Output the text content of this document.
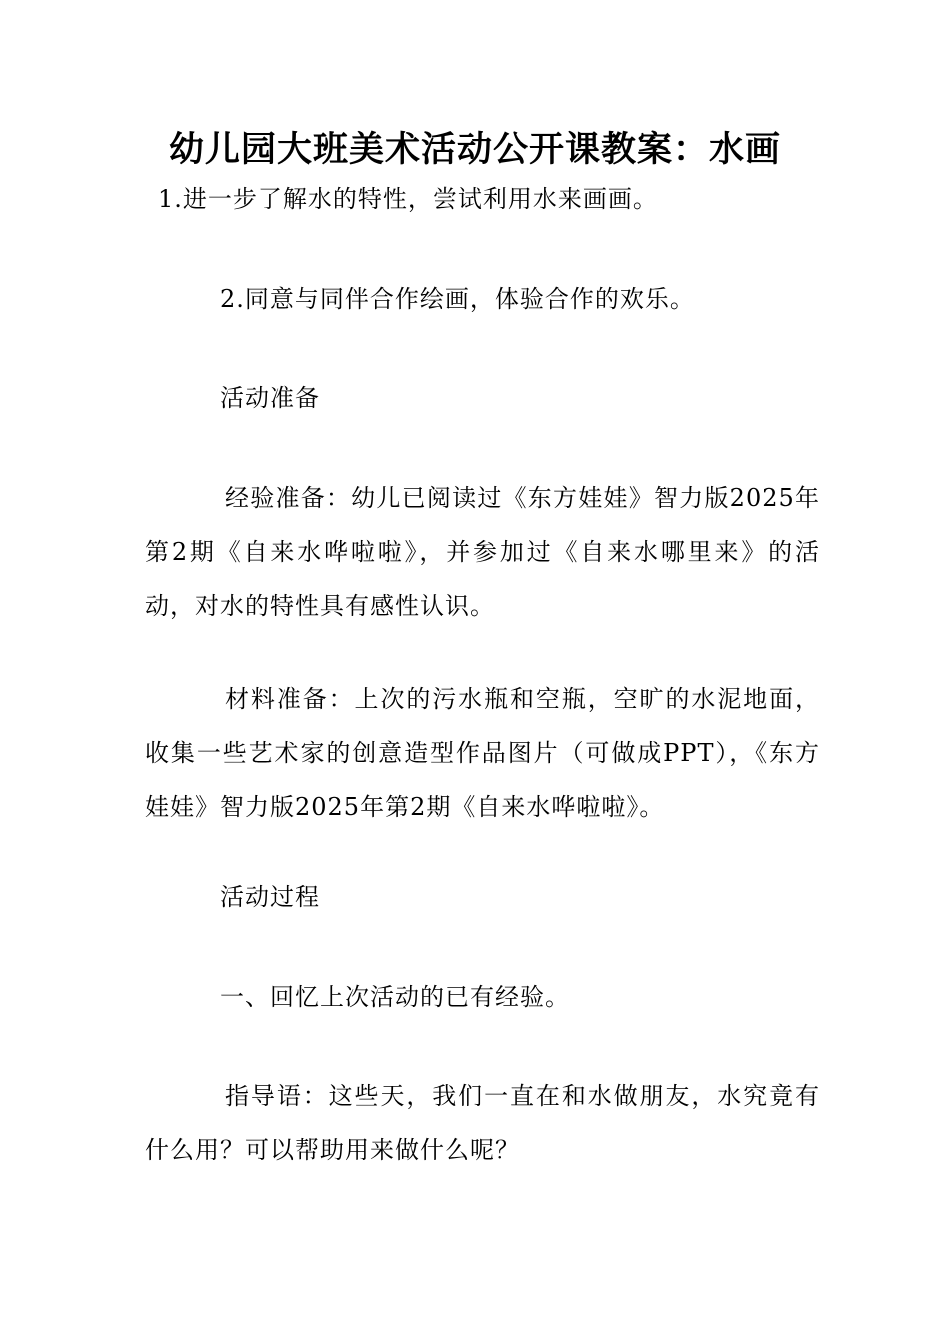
幼儿园大班美术活动公开课教案：水画

1.进一步了解水的特性，尝试利用水来画画。

2.同意与同伴合作绘画，体验合作的欢乐。

活动准备

经验准备：幼儿已阅读过《东方娃娃》智力版2025年第2期《自来水哗啦啦》，并参加过《自来水哪里来》的活动，对水的特性具有感性认识。

材料准备：上次的污水瓶和空瓶，空旷的水泥地面，收集一些艺术家的创意造型作品图片（可做成PPT），《东方娃娃》智力版2025年第2期《自来水哗啦啦》。

活动过程

一、回忆上次活动的已有经验。

指导语：这些天，我们一直在和水做朋友，水究竟有什么用？可以帮助用来做什么呢？
